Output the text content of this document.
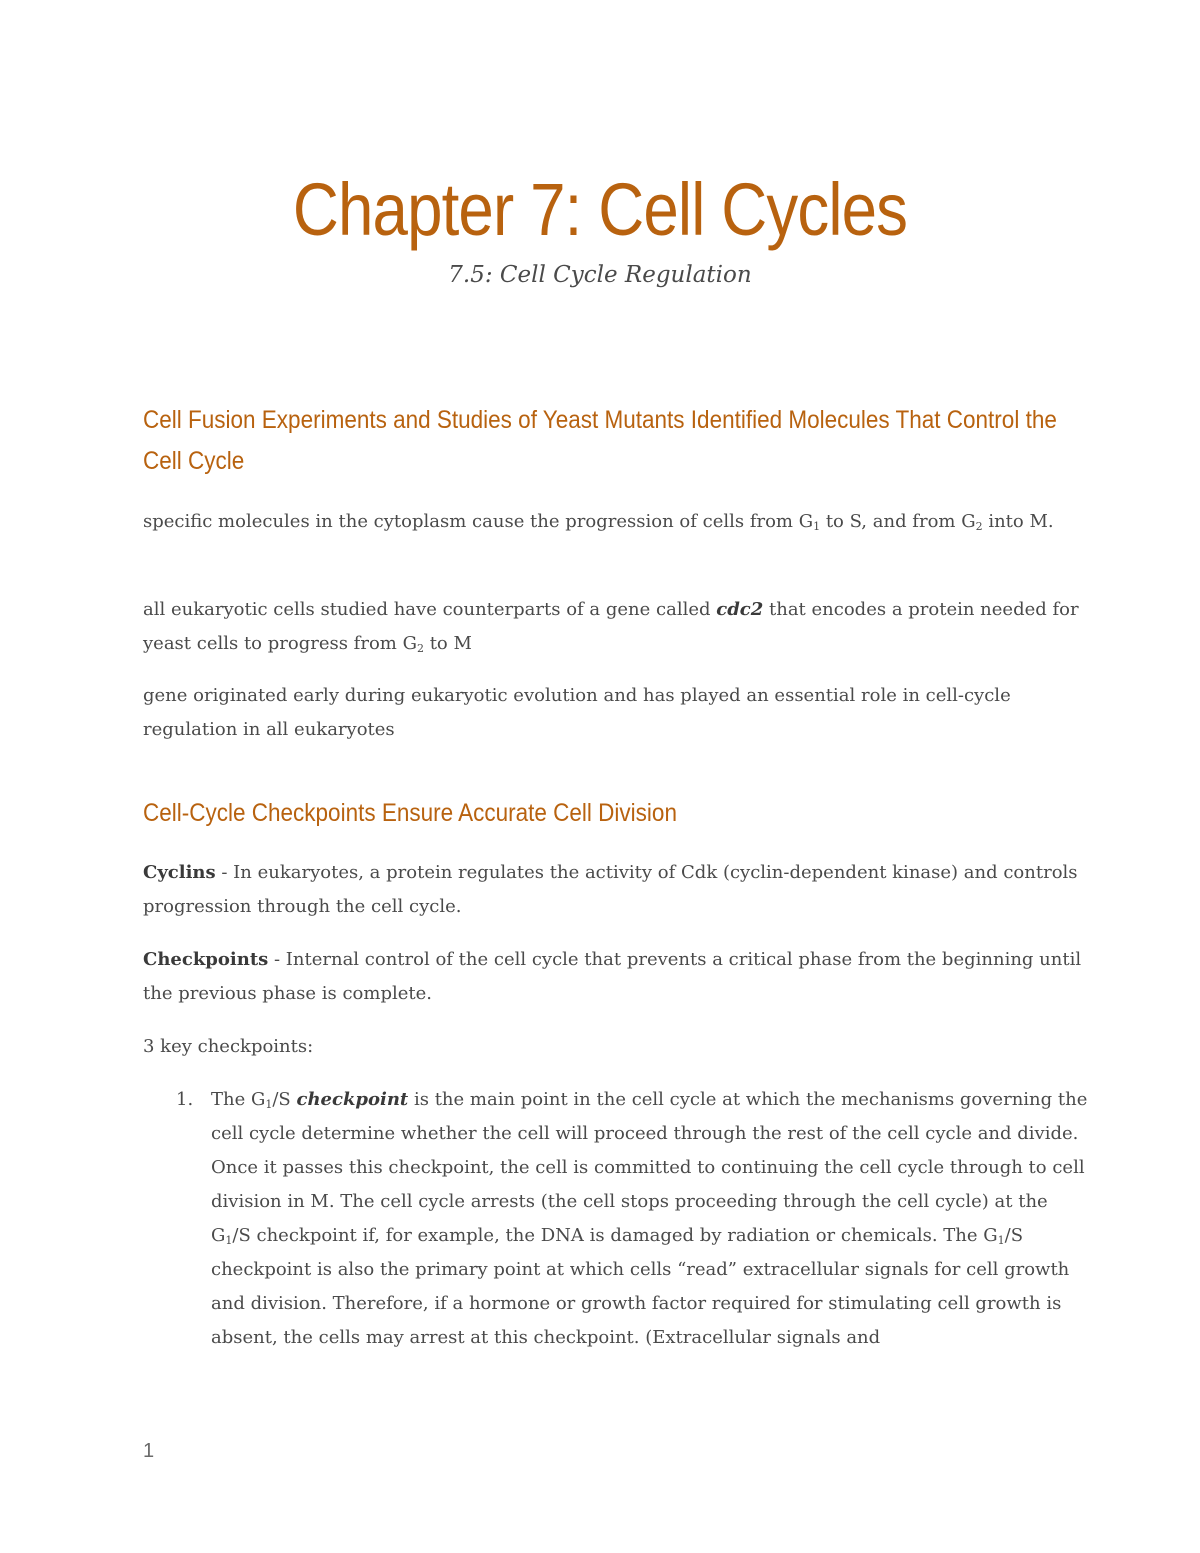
Chapter 7: Cell Cycles
7.5: Cell Cycle Regulation
Cell Fusion Experiments and Studies of Yeast Mutants Identified Molecules That Control the Cell Cycle
specific molecules in the cytoplasm cause the progression of cells from $G_1$ to S, and from $G_2$ into M.
all eukaryotic cells studied have counterparts of a gene called cdc2 that encodes a protein needed for yeast cells to progress from $G_2$ to M
gene originated early during eukaryotic evolution and has played an essential role in cell-cycle regulation in all eukaryotes
Cell-Cycle Checkpoints Ensure Accurate Cell Division
Cyclins - In eukaryotes, a protein regulates the activity of Cdk (cyclin-dependent kinase) and controls progression through the cell cycle.
Checkpoints - Internal control of the cell cycle that prevents a critical phase from the beginning until the previous phase is complete.
3 key checkpoints:
1. The $G_1/S$ checkpoint is the main point in the cell cycle at which the mechanisms governing the cell cycle determine whether the cell will proceed through the rest of the cell cycle and divide. Once it passes this checkpoint, the cell is committed to continuing the cell cycle through to cell division in M. The cell cycle arrests (the cell stops proceeding through the cell cycle) at the $G_1/S$ checkpoint if, for example, the DNA is damaged by radiation or chemicals. The $G_1/S$ checkpoint is also the primary point at which cells “read” extracellular signals for cell growth and division. Therefore, if a hormone or growth factor required for stimulating cell growth is absent, the cells may arrest at this checkpoint. (Extracellular signals and
1
